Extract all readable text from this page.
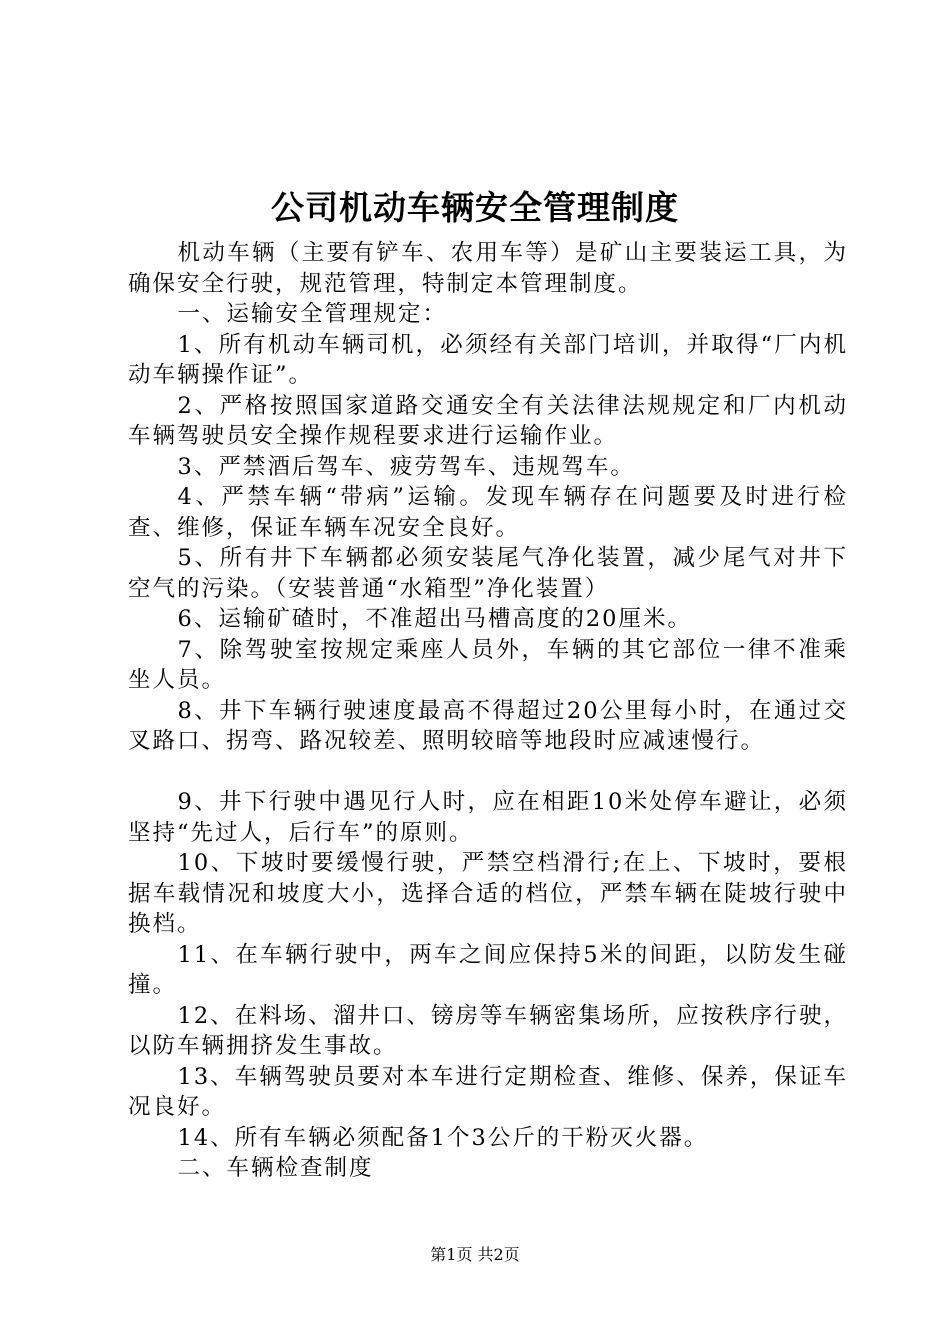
公司机动车辆安全管理制度

机动车辆（主要有铲车、农用车等）是矿山主要装运工具，为确保安全行驶，规范管理，特制定本管理制度。

一、运输安全管理规定：

1、所有机动车辆司机，必须经有关部门培训，并取得“厂内机动车辆操作证”。

2、严格按照国家道路交通安全有关法律法规规定和厂内机动车辆驾驶员安全操作规程要求进行运输作业。

3、严禁酒后驾车、疲劳驾车、违规驾车。

4、严禁车辆“带病”运输。发现车辆存在问题要及时进行检查、维修，保证车辆车况安全良好。

5、所有井下车辆都必须安装尾气净化装置，减少尾气对井下空气的污染。（安装普通“水箱型”净化装置）

6、运输矿碴时，不准超出马槽高度的20厘米。

7、除驾驶室按规定乘座人员外，车辆的其它部位一律不准乘坐人员。

8、井下车辆行驶速度最高不得超过20公里每小时，在通过交叉路口、拐弯、路况较差、照明较暗等地段时应减速慢行。

9、井下行驶中遇见行人时，应在相距10米处停车避让，必须坚持“先过人，后行车”的原则。

10、下坡时要缓慢行驶，严禁空档滑行;在上、下坡时，要根据车载情况和坡度大小，选择合适的档位，严禁车辆在陡坡行驶中换档。

11、在车辆行驶中，两车之间应保持5米的间距，以防发生碰撞。

12、在料场、溜井口、镑房等车辆密集场所，应按秩序行驶，以防车辆拥挤发生事故。

13、车辆驾驶员要对本车进行定期检查、维修、保养，保证车况良好。

14、所有车辆必须配备1个3公斤的干粉灭火器。

二、车辆检查制度

第1页 共2页
